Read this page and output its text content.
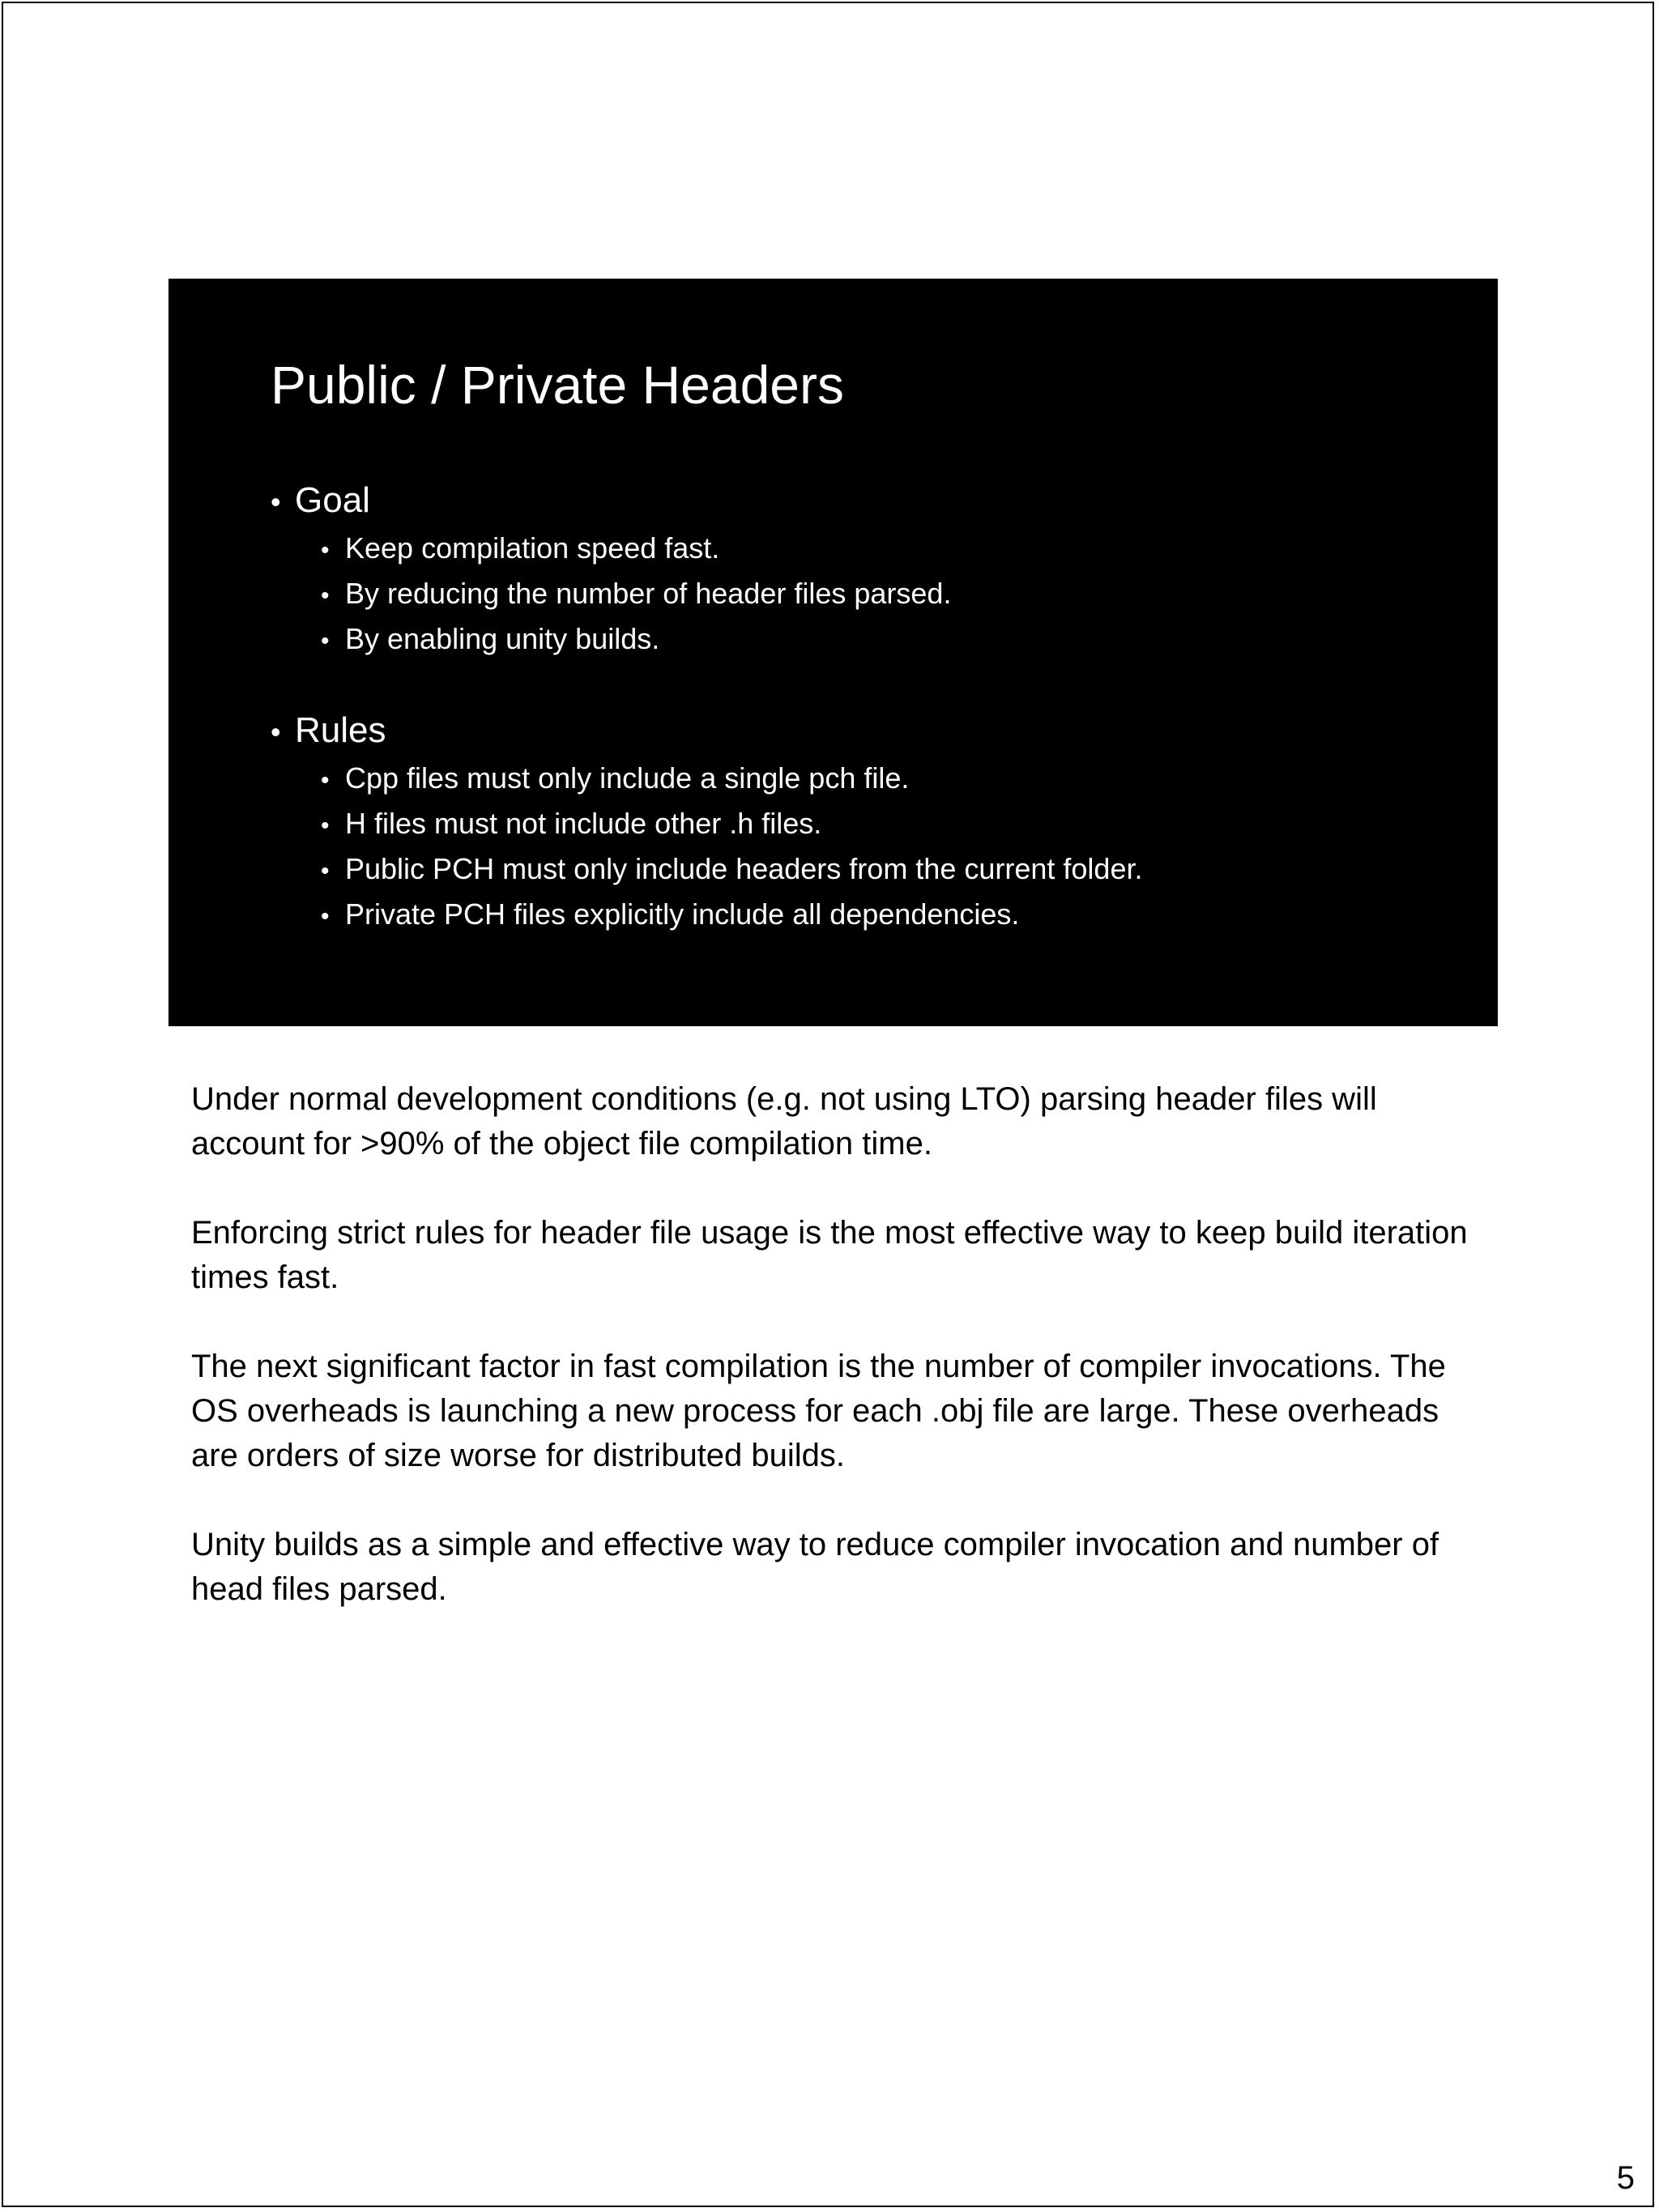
Public / Private Headers
• Goal
• Keep compilation speed fast.
• By reducing the number of header files parsed.
• By enabling unity builds.
• Rules
• Cpp files must only include a single pch file.
• H files must not include other .h files.
• Public PCH must only include headers from the current folder.
• Private PCH files explicitly include all dependencies.

Under normal development conditions (e.g. not using LTO) parsing header files will account for >90% of the object file compilation time.

Enforcing strict rules for header file usage is the most effective way to keep build iteration times fast.

The next significant factor in fast compilation is the number of compiler invocations. The OS overheads is launching a new process for each .obj file are large. These overheads are orders of size worse for distributed builds.

Unity builds as a simple and effective way to reduce compiler invocation and number of head files parsed.

5
